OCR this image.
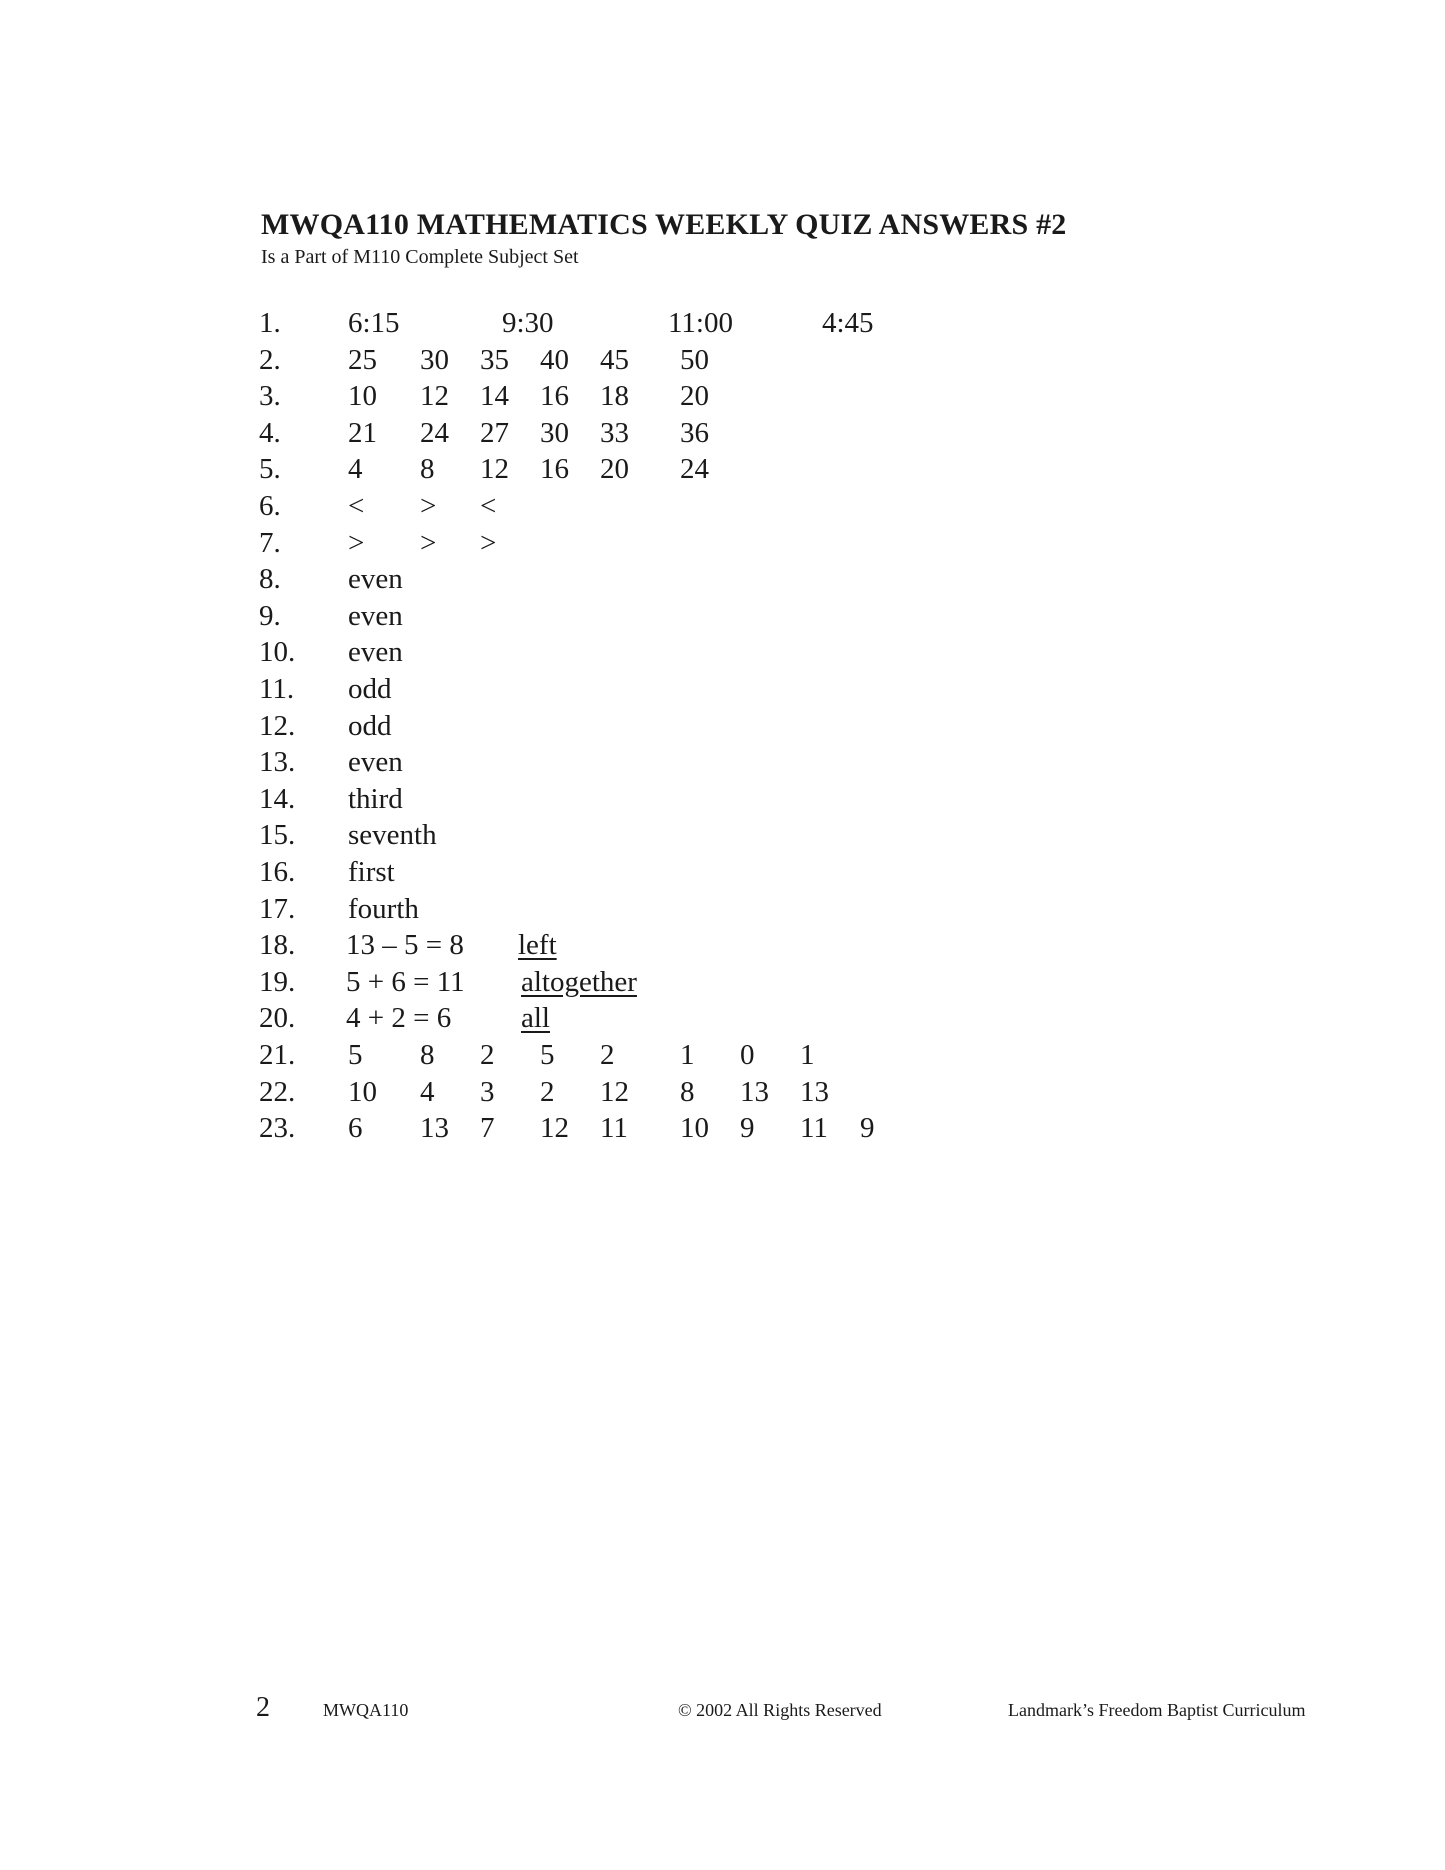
MWQA110 MATHEMATICS WEEKLY QUIZ ANSWERS #2
Is a Part of M110 Complete Subject Set
1. 6:15	9:30	11:00	4:45
2. 25 30 35 40 45 50
3. 10 12 14 16 18 20
4. 21 24 27 30 33 36
5. 4 8 12 16 20 24
6. < > <
7. > > >
8. even
9. even
10. even
11. odd
12. odd
13. even
14. third
15. seventh
16. first
17. fourth
18. 13 – 5 = 8 left
19. 5 + 6 = 11 altogether
20. 4 + 2 = 6 all
21. 5 8 2 5 2 1 0 1
22. 10 4 3 2 12 8 13 13
23. 6 13 7 12 11 10 9 11 9
2	MWQA110	© 2002 All Rights Reserved	Landmark’s Freedom Baptist Curriculum
